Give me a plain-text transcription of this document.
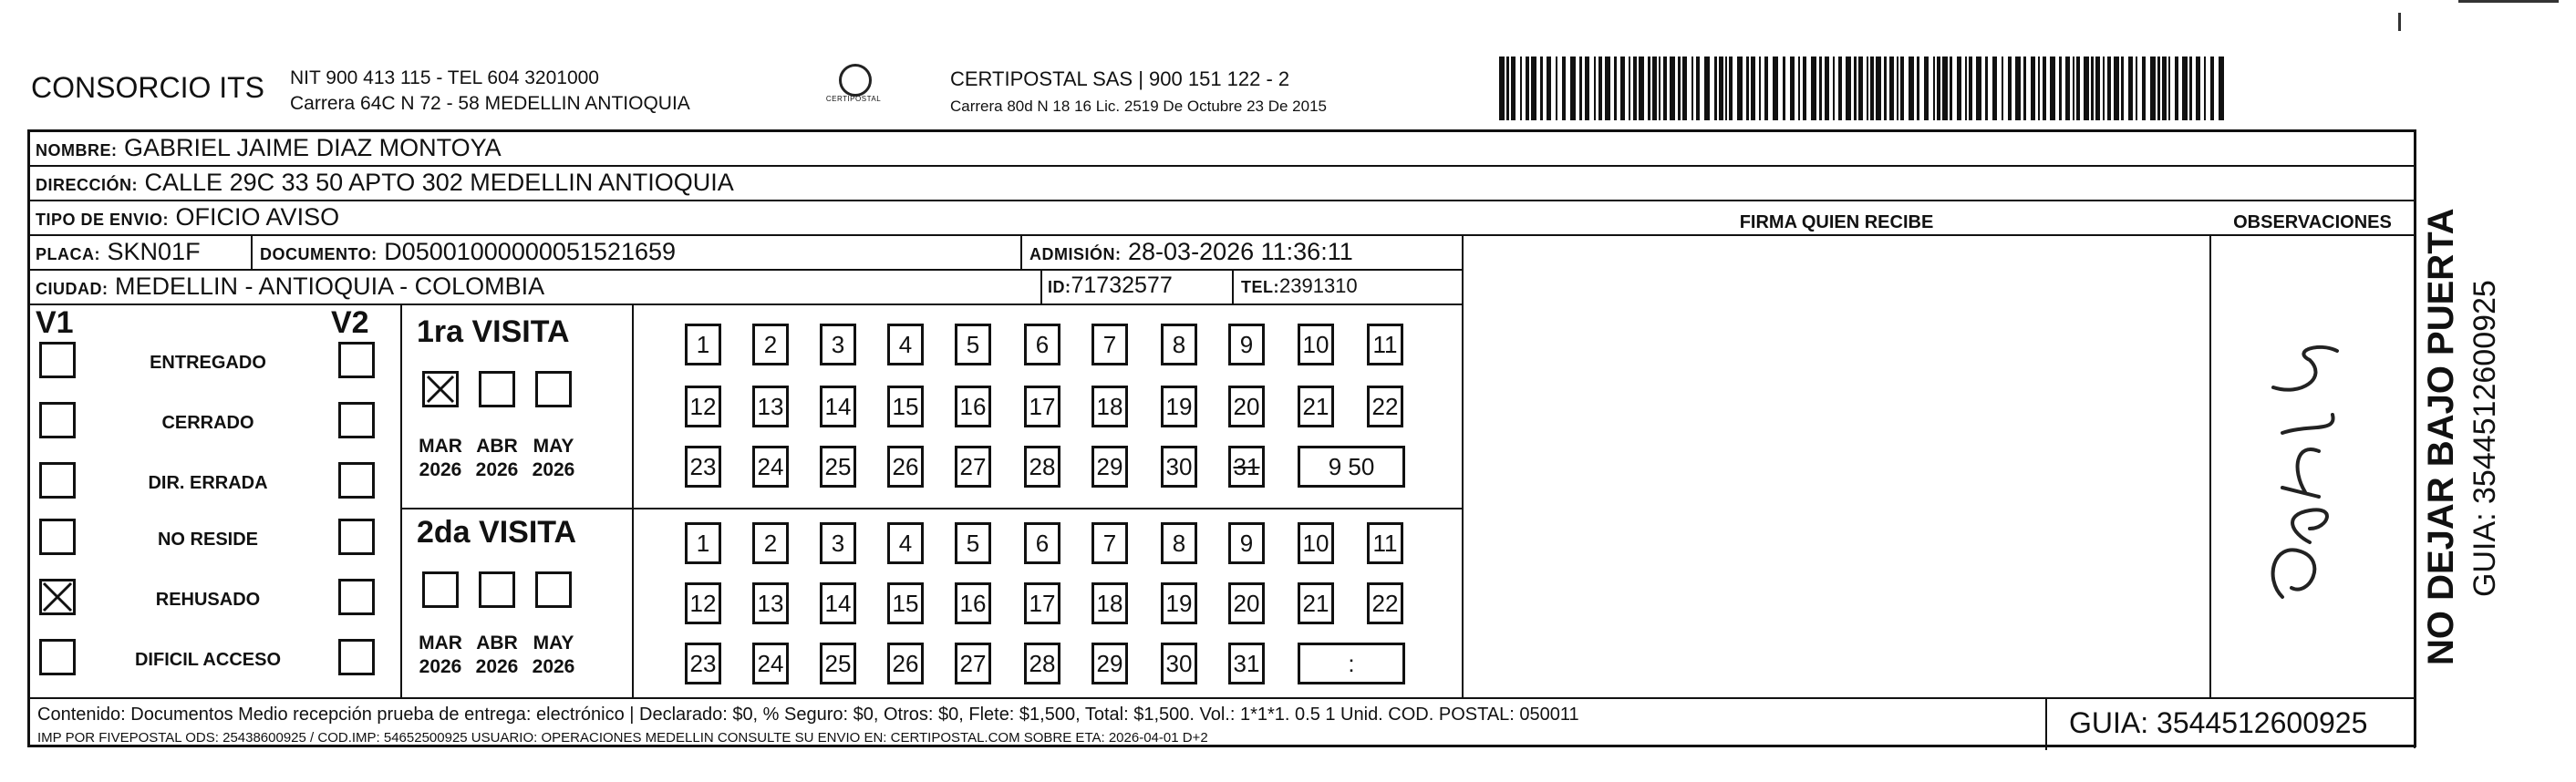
CONSORCIO ITS NIT 900 413 115 - TEL 604 3201000
Carrera 64C N 72 - 58 MEDELLIN ANTIOQUIA	CERTIPOSTAL
CERTIPOSTAL SAS | 900 151 122 - 2
Carrera 80d N 18 16 Lic. 2519 De Octubre 23 De 2015
NOMBRE: GABRIEL JAIME DIAZ MONTOYA
DIRECCIÓN: CALLE 29C 33 50 APTO 302 MEDELLIN ANTIOQUIA
TIPO DE ENVIO: OFICIO AVISO	FIRMA QUIEN RECIBE	OBSERVACIONES
PLACA: SKN01F	DOCUMENTO: D05001000000051521659	ADMISIÓN: 28-03-2026 11:36:11
CIUDAD: MEDELLIN - ANTIOQUIA - COLOMBIA	ID:71732577	TEL:2391310
V1	V2
ENTREGADO
CERRADO
DIR. ERRADA
NO RESIDE
REHUSADO
DIFICIL ACCESO
1ra VISITA
2da VISITA
MAR
2026
ABR
2026
MAY
2026
MAR
2026
ABR
2026
MAY
2026
1	2	3	4	5	6	7	8	9	10 11
12 13 14 15 16 17 18 19 20 21 22
23 24 25 26 27 28 29 30 31	9 50
1	2	3	4	5	6	7	8	9	10 11
12 13 14 15 16 17 18 19 20 21 22
23 24 25 26 27 28 29 30 31	:
Contenido: Documentos Medio recepción prueba de entrega: electrónico | Declarado: $0, % Seguro: $0, Otros: $0, Flete: $1,500, Total: $1,500. Vol.: 1*1*1. 0.5 1 Unid. COD. POSTAL: 050011
IMP POR FIVEPOSTAL ODS: 25438600925 / COD.IMP: 54652500925 USUARIO: OPERACIONES MEDELLIN CONSULTE SU ENVIO EN: CERTIPOSTAL.COM SOBRE ETA: 2026-04-01 D+2	GUIA: 3544512600925
NO DEJAR BAJO PUERTA GUIA: 3544512600925
